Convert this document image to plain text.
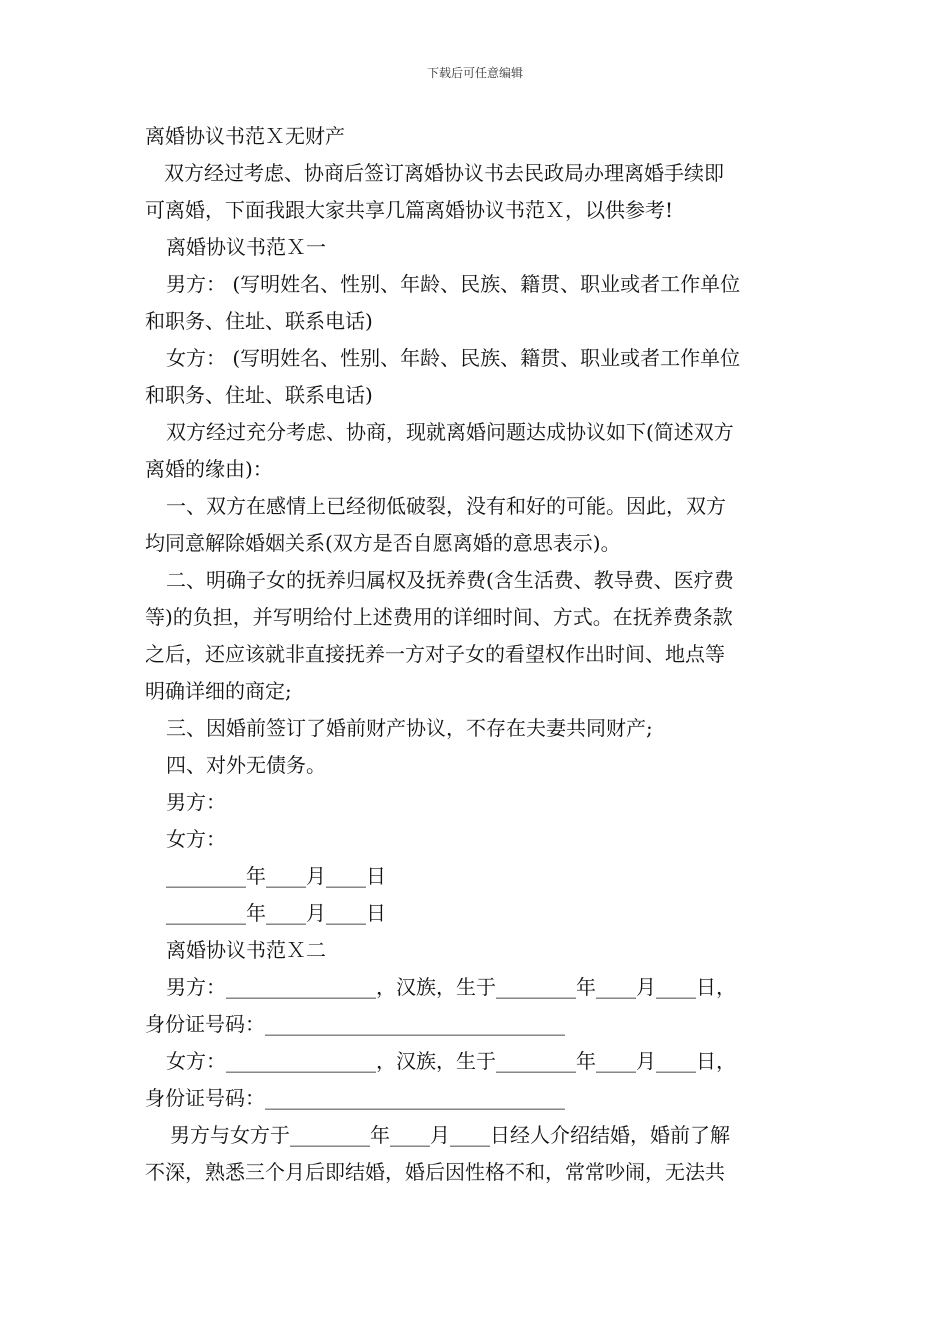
下载后可任意编辑
离婚协议书范Ｘ无财产
双方经过考虑、协商后签订离婚协议书去民政局办理离婚手续即
可离婚，下面我跟大家共享几篇离婚协议书范Ｘ，以供参考!
离婚协议书范Ｘ一
男方： (写明姓名、性别、年龄、民族、籍贯、职业或者工作单位
和职务、住址、联系电话)
女方： (写明姓名、性别、年龄、民族、籍贯、职业或者工作单位
和职务、住址、联系电话)
双方经过充分考虑、协商，现就离婚问题达成协议如下(简述双方
离婚的缘由)：
一、双方在感情上已经彻低破裂，没有和好的可能。因此，双方
均同意解除婚姻关系(双方是否自愿离婚的意思表示)。
二、明确子女的抚养归属权及抚养费(含生活费、教导费、医疗费
等)的负担，并写明给付上述费用的详细时间、方式。在抚养费条款
之后，还应该就非直接抚养一方对子女的看望权作出时间、地点等
明确详细的商定;
三、因婚前签订了婚前财产协议，不存在夫妻共同财产;
四、对外无债务。
男方：
女方：
________年____月____日
________年____月____日
离婚协议书范Ｘ二
男方：_______________，汉族，生于________年____月____日，
身份证号码：______________________________
女方：_______________，汉族，生于________年____月____日，
身份证号码：______________________________
男方与女方于________年____月____日经人介绍结婚，婚前了解
不深，熟悉三个月后即结婚，婚后因性格不和，常常吵闹，无法共
